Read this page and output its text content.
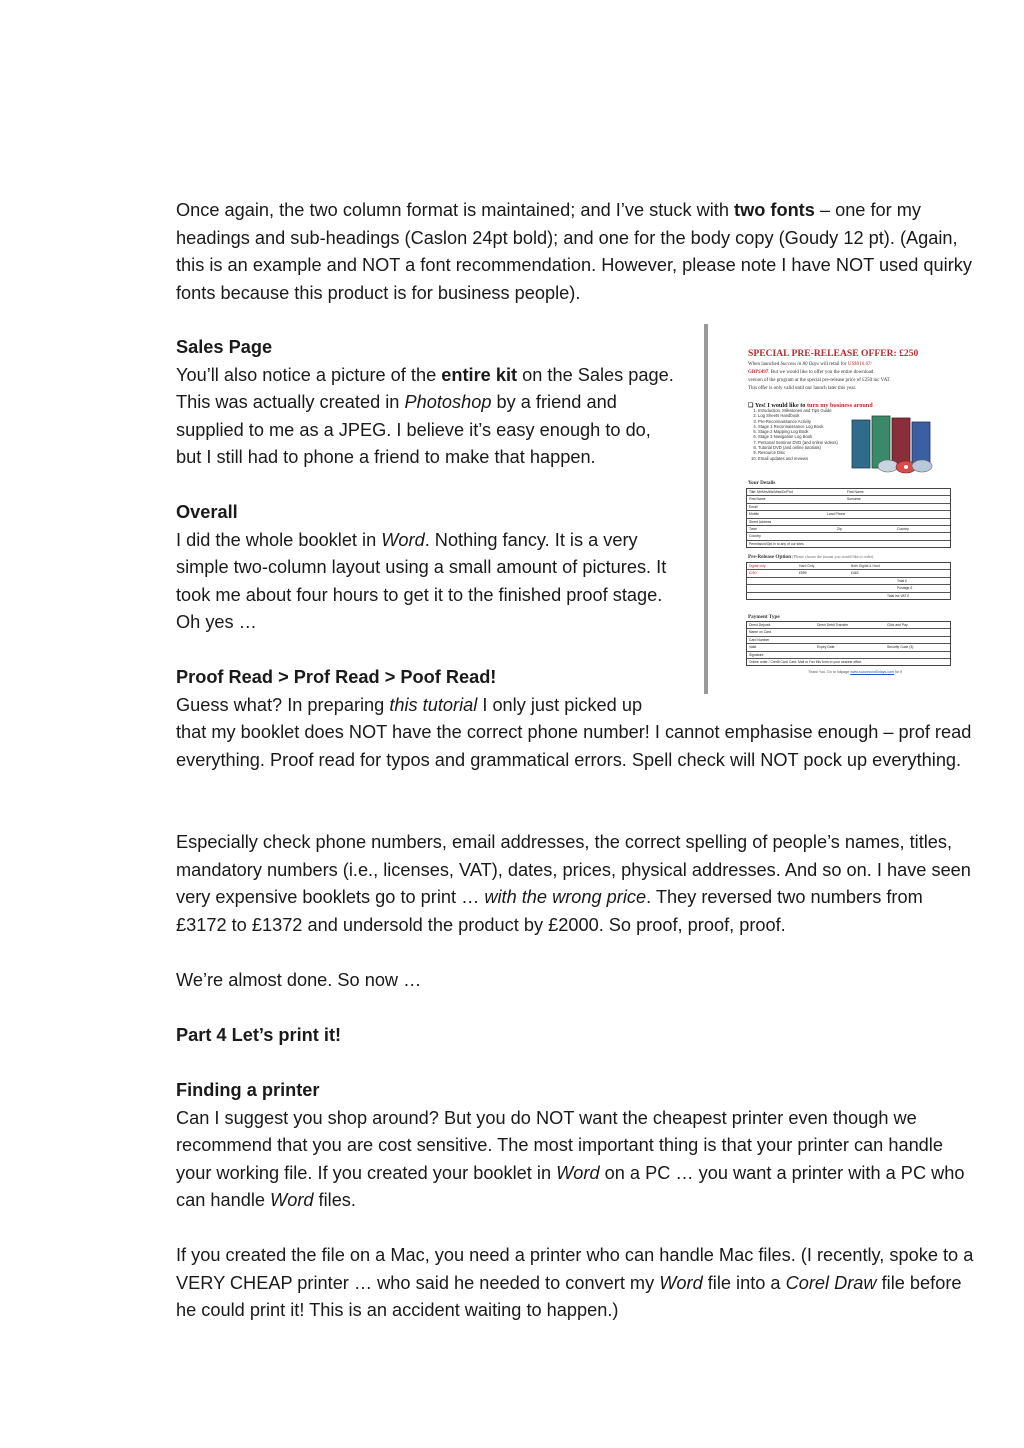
Once again, the two column format is maintained; and I’ve stuck with two fonts – one for my headings and sub-headings (Caslon 24pt bold); and one for the body copy (Goudy 12 pt). (Again, this is an example and NOT a font recommendation. However, please note I have NOT used quirky fonts because this product is for business people).

Sales Page

You’ll also notice a picture of the entire kit on the Sales page. This was actually created in Photoshop by a friend and supplied to me as a JPEG. I believe it’s easy enough to do, but I still had to phone a friend to make that happen.

Overall

I did the whole booklet in Word. Nothing fancy. It is a very simple two-column layout using a small amount of pictures. It took me about four hours to get it to the finished proof stage. Oh yes …

Proof Read > Prof Read > Poof Read!

Guess what? In preparing this tutorial I only just picked up

that my booklet does NOT have the correct phone number! I cannot emphasise enough – prof read everything. Proof read for typos and grammatical errors. Spell check will NOT pock up everything.

Especially check phone numbers, email addresses, the correct spelling of people’s names, titles, mandatory numbers (i.e., licenses, VAT), dates, prices, physical addresses. And so on. I have seen very expensive booklets go to print … with the wrong price. They reversed two numbers from £3172 to £1372 and undersold the product by £2000. So proof, proof, proof.

We’re almost done. So now …

Part 4 Let’s print it!

Finding a printer

Can I suggest you shop around? But you do NOT want the cheapest printer even though we recommend that you are cost sensitive. The most important thing is that your printer can handle your working file. If you created your booklet in Word on a PC … you want a printer with a PC who can handle Word files.

If you created the file on a Mac, you need a printer who can handle Mac files. (I recently, spoke to a VERY CHEAP printer … who said he needed to convert my Word file into a Corel Draw file before he could print it! This is an accident waiting to happen.)

SPECIAL PRE-RELEASE OFFER: £250
When launched Success in 80 Days will retail for US$916.67/
GBP£497. But we would like to offer you the entire download
version of the program at the special pre-release price of £250 inc VAT.
This offer is only valid until our launch later this year.
❑ Yes! I would like to turn my business around
1. Introduction, Milestones and Tips Guide
2. Log Sheets Handbook
3. Pre-Reconnaissance Activity
4. Stage 1 Reconnaissance Log Book
5. Stage 2 Mapping Log Book
6. Stage 3 Navigation Log Book
7. Personal Seminar DVD (and online videos)
8. Tutorial DVD (and online tutorials)
9. Resource Disc
10. Email updates and reviews
Your Details
Title: Mr/Mrs/Ms/Miss/Dr/Prof	First Name
First Name	Surname
Email
Mobile	Land Phone
Street Address
Town	Zip	Country
Country
Permission/Opt In to any of our sites
Pre-Release Option (Please choose the format you would like to order)
Digital only	Hard Only	Both Digital & Hard
£250	£599	£463
Total £
Postage £
Total inc VAT £
Payment Type
Direct Deposit	Direct Debit Transfer	Click and Pay
Name on Card
Card Number
Valid	Expiry Date	Security Code (3)
Signature
Online order / Credit Card Card. Mail or Fax this form to your nearest office.
Thank You. Go to fullpage www.successin80days.com for it
